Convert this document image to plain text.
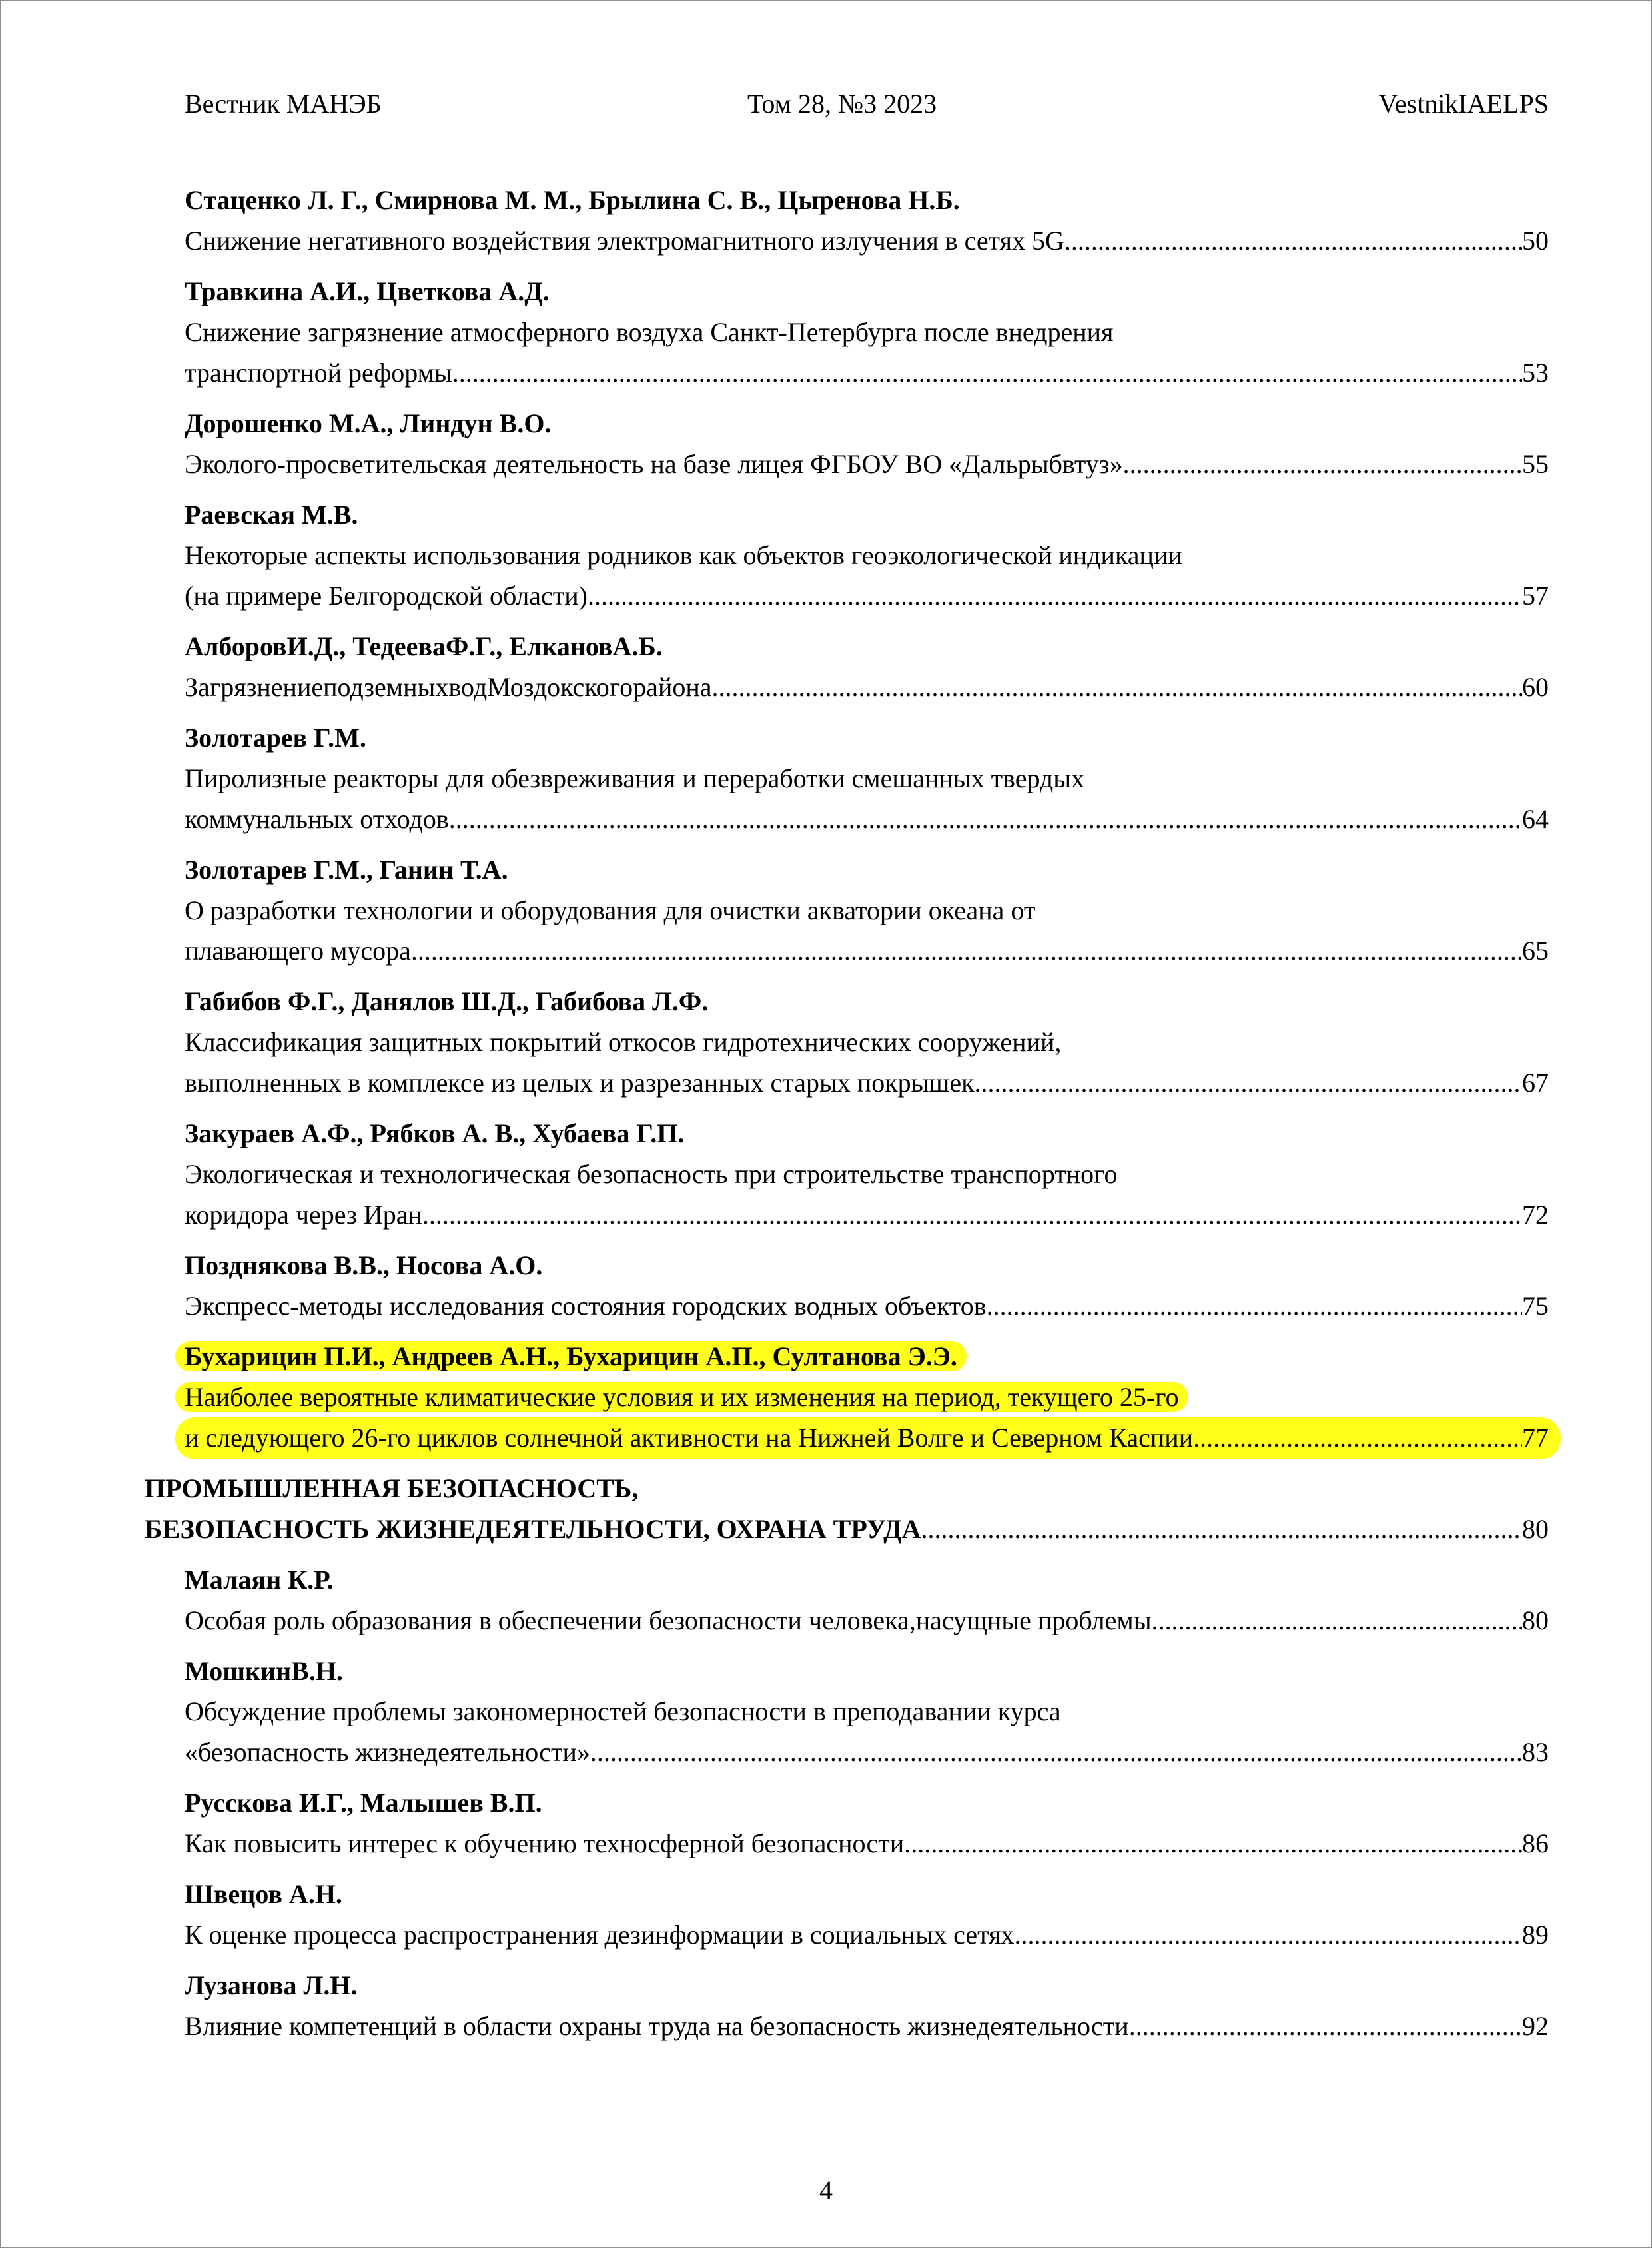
Вестник МАНЭБ	Том 28, №3 2023	VestnikIAELPS
Стаценко Л. Г., Смирнова М. М., Брылина С. В., Цыренова Н.Б.
Снижение негативного воздействия электромагнитного излучения в сетях 5G .....	50
Травкина А.И., Цветкова А.Д.
Снижение загрязнение атмосферного воздуха Санкт-Петербурга после внедрения
транспортной реформы .....	53
Дорошенко М.А., Линдун В.О.
Эколого-просветительская деятельность на базе лицея ФГБОУ ВО «Дальрыбвтуз» .....	55
Раевская М.В.
Некоторые аспекты использования родников как объектов геоэкологической индикации
(на примере Белгородской области) .....	57
АлборовИ.Д., ТедееваФ.Г., ЕлкановА.Б.
ЗагрязнениеподземныхводМоздокскогорайона .....	60
Золотарев Г.М.
Пиролизные реакторы для обезвреживания и переработки смешанных твердых
коммунальных отходов .....	64
Золотарев Г.М., Ганин Т.А.
О разработки технологии и оборудования для очистки акватории океана от
плавающего мусора .....	65
Габибов Ф.Г., Данялов Ш.Д., Габибова Л.Ф.
Классификация защитных покрытий откосов гидротехнических сооружений,
выполненных в комплексе из целых и разрезанных старых покрышек .....	67
Закураев А.Ф., Рябков А. В., Хубаева Г.П.
Экологическая и технологическая безопасность при строительстве транспортного
коридора через Иран .....	72
Позднякова В.В., Носова А.О.
Экспресс-методы исследования состояния городских водных объектов .....	75
Бухарицин П.И., Андреев А.Н., Бухарицин А.П., Султанова Э.Э.
Наиболее вероятные климатические условия и их изменения на период, текущего 25-го
и следующего 26-го циклов солнечной активности на Нижней Волге и Северном Каспии .....	77
ПРОМЫШЛЕННАЯ БЕЗОПАСНОСТЬ,
БЕЗОПАСНОСТЬ ЖИЗНЕДЕЯТЕЛЬНОСТИ, ОХРАНА ТРУДА .....	80
Малаян К.Р.
Особая роль образования в обеспечении безопасности человека,насущные проблемы .....	80
МошкинВ.Н.
Обсуждение проблемы закономерностей безопасности в преподавании курса
«безопасность жизнедеятельности» .....	83
Русскова И.Г., Малышев В.П.
Как повысить интерес к обучению техносферной безопасности .....	86
Швецов А.Н.
К оценке процесса распространения дезинформации в социальных сетях .....	89
Лузанова Л.Н.
Влияние компетенций в области охраны труда на безопасность жизнедеятельности .....	92
4
